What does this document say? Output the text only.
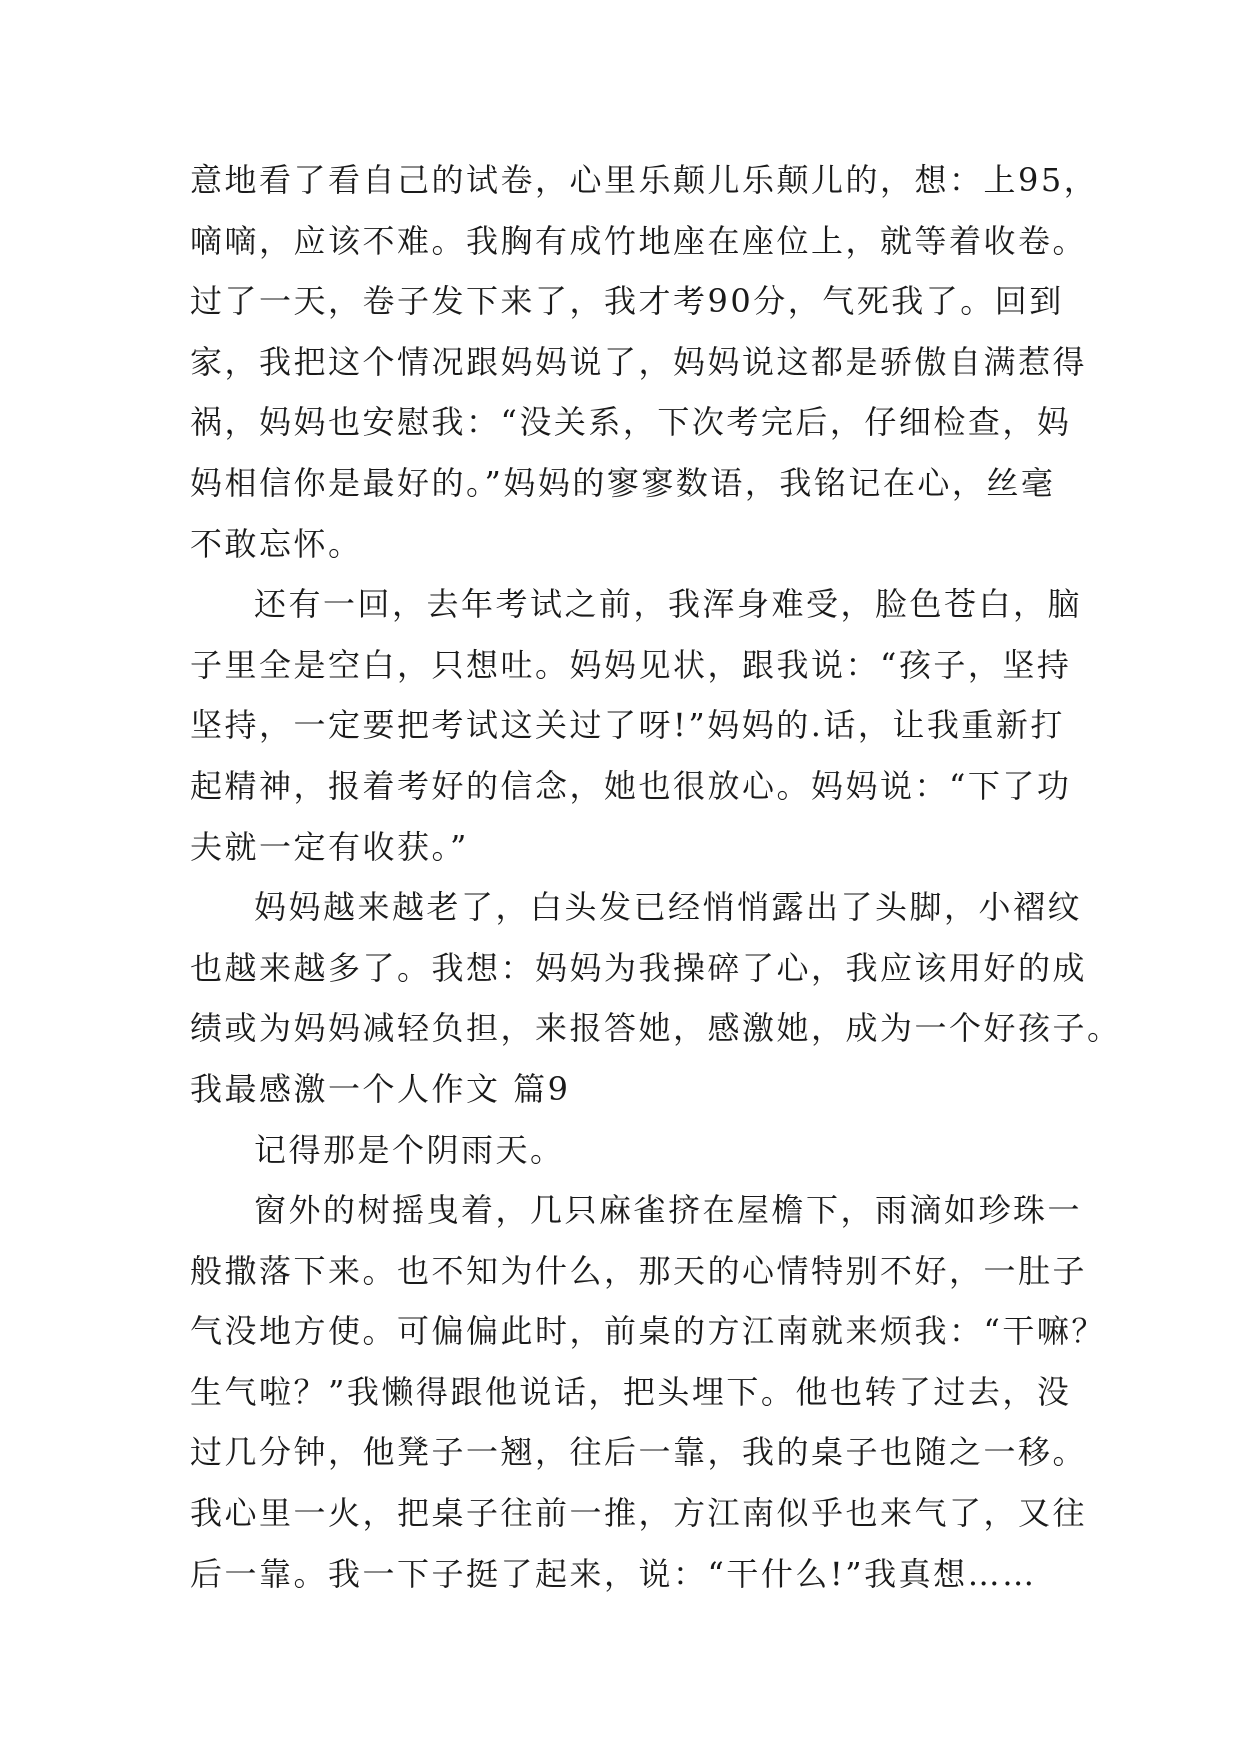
意地看了看自己的试卷，心里乐颠儿乐颠儿的，想：上95，
嘀嘀，应该不难。我胸有成竹地座在座位上，就等着收卷。
过了一天，卷子发下来了，我才考90分，气死我了。回到
家，我把这个情况跟妈妈说了，妈妈说这都是骄傲自满惹得
祸，妈妈也安慰我：“没关系，下次考完后，仔细检查，妈
妈相信你是最好的。”妈妈的寥寥数语，我铭记在心，丝毫
不敢忘怀。
还有一回，去年考试之前，我浑身难受，脸色苍白，脑
子里全是空白，只想吐。妈妈见状，跟我说：“孩子，坚持
坚持，一定要把考试这关过了呀!”妈妈的.话，让我重新打
起精神，报着考好的信念，她也很放心。妈妈说：“下了功
夫就一定有收获。”
妈妈越来越老了，白头发已经悄悄露出了头脚，小褶纹
也越来越多了。我想：妈妈为我操碎了心，我应该用好的成
绩或为妈妈减轻负担，来报答她，感激她，成为一个好孩子。
我最感激一个人作文 篇9
记得那是个阴雨天。
窗外的树摇曳着，几只麻雀挤在屋檐下，雨滴如珍珠一
般撒落下来。也不知为什么，那天的心情特别不好，一肚子
气没地方使。可偏偏此时，前桌的方江南就来烦我：“干嘛？
生气啦？”我懒得跟他说话，把头埋下。他也转了过去，没
过几分钟，他凳子一翘，往后一靠，我的桌子也随之一移。
我心里一火，把桌子往前一推，方江南似乎也来气了，又往
后一靠。我一下子挺了起来，说：“干什么!”我真想……
